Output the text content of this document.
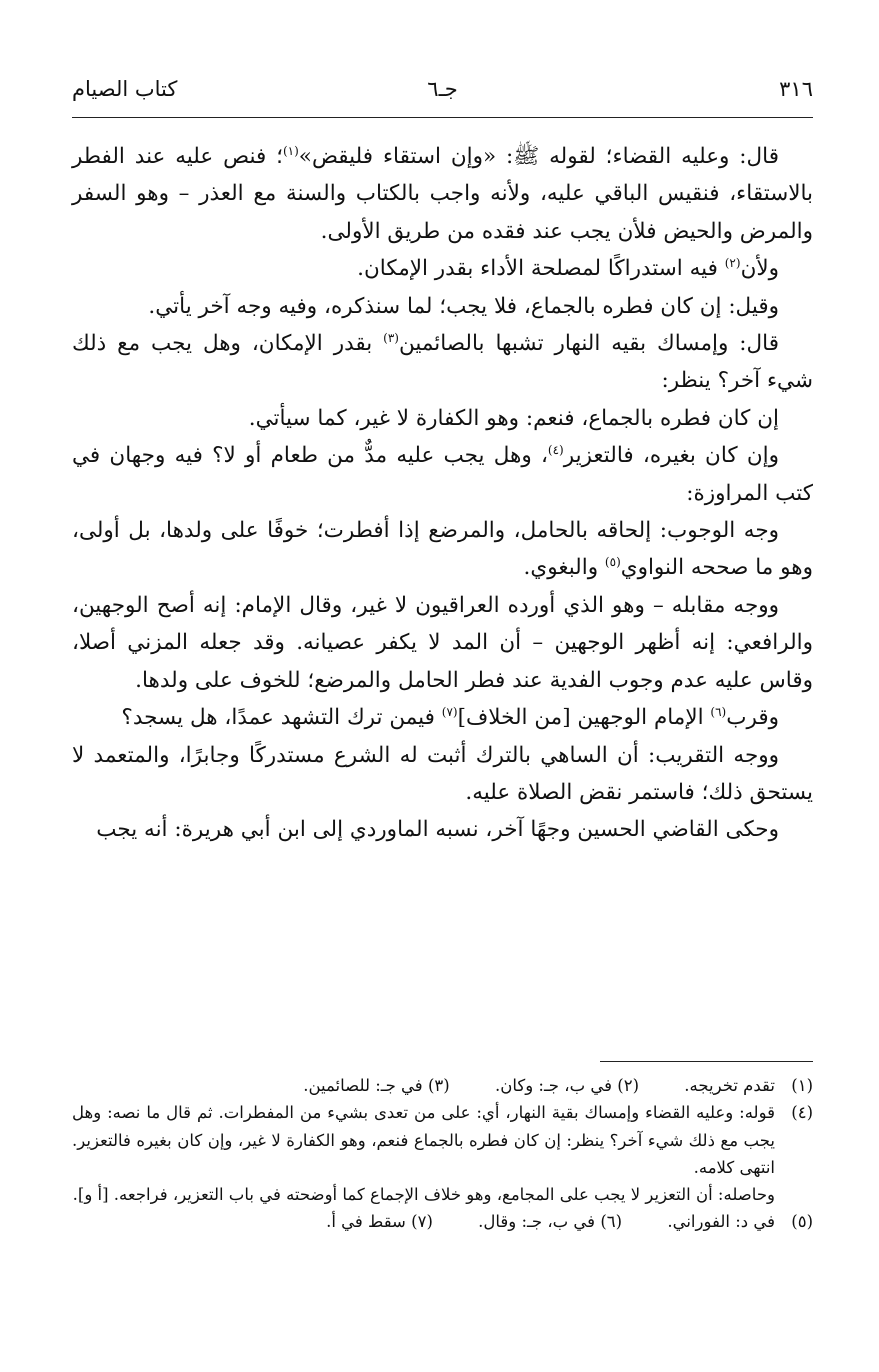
٣١٦
جـ٦
كتاب الصيام

قال: وعليه القضاء؛ لقوله ﷺ: «وإن استقاء فليقض»$^{(١)}$؛ فنص عليه عند الفطر بالاستقاء، فنقيس الباقي عليه، ولأنه واجب بالكتاب والسنة مع العذر – وهو السفر والمرض والحيض فلأن يجب عند فقده من طريق الأولى.

ولأن$^{(٢)}$ فيه استدراكًا لمصلحة الأداء بقدر الإمكان.

وقيل: إن كان فطره بالجماع، فلا يجب؛ لما سنذكره، وفيه وجه آخر يأتي.

قال: وإمساك بقيه النهار تشبها بالصائمين$^{(٣)}$ بقدر الإمكان، وهل يجب مع ذلك شيء آخر؟ ينظر:

إن كان فطره بالجماع، فنعم: وهو الكفارة لا غير، كما سيأتي.

وإن كان بغيره، فالتعزير$^{(٤)}$، وهل يجب عليه مدٌّ من طعام أو لا؟ فيه وجهان في كتب المراوزة:

وجه الوجوب: إلحاقه بالحامل، والمرضع إذا أفطرت؛ خوفًا على ولدها، بل أولى، وهو ما صححه النواوي$^{(٥)}$ والبغوي.

ووجه مقابله – وهو الذي أورده العراقيون لا غير، وقال الإمام: إنه أصح الوجهين، والرافعي: إنه أظهر الوجهين – أن المد لا يكفر عصيانه. وقد جعله المزني أصلا، وقاس عليه عدم وجوب الفدية عند فطر الحامل والمرضع؛ للخوف على ولدها.

وقرب$^{(٦)}$ الإمام الوجهين [من الخلاف]$^{(٧)}$ فيمن ترك التشهد عمدًا، هل يسجد؟

ووجه التقريب: أن الساهي بالترك أثبت له الشرع مستدركًا وجابرًا، والمتعمد لا يستحق ذلك؛ فاستمر نقض الصلاة عليه.

وحكى القاضي الحسين وجهًا آخر، نسبه الماوردي إلى ابن أبي هريرة: أنه يجب

(١)
تقدم تخريجه. (٢) في ب، جـ: وكان. (٣) في جـ: للصائمين.

(٤)
قوله: وعليه القضاء وإمساك بقية النهار، أي: على من تعدى بشيء من المفطرات. ثم قال ما نصه: وهل يجب مع ذلك شيء آخر؟ ينظر: إن كان فطره بالجماع فنعم، وهو الكفارة لا غير، وإن كان بغيره فالتعزير. انتهى كلامه.

وحاصله: أن التعزير لا يجب على المجامع، وهو خلاف الإجماع كما أوضحته في باب التعزير، فراجعه. [أ و].

(٥)
في د: الفوراني. (٦) في ب، جـ: وقال. (٧) سقط في أ.
